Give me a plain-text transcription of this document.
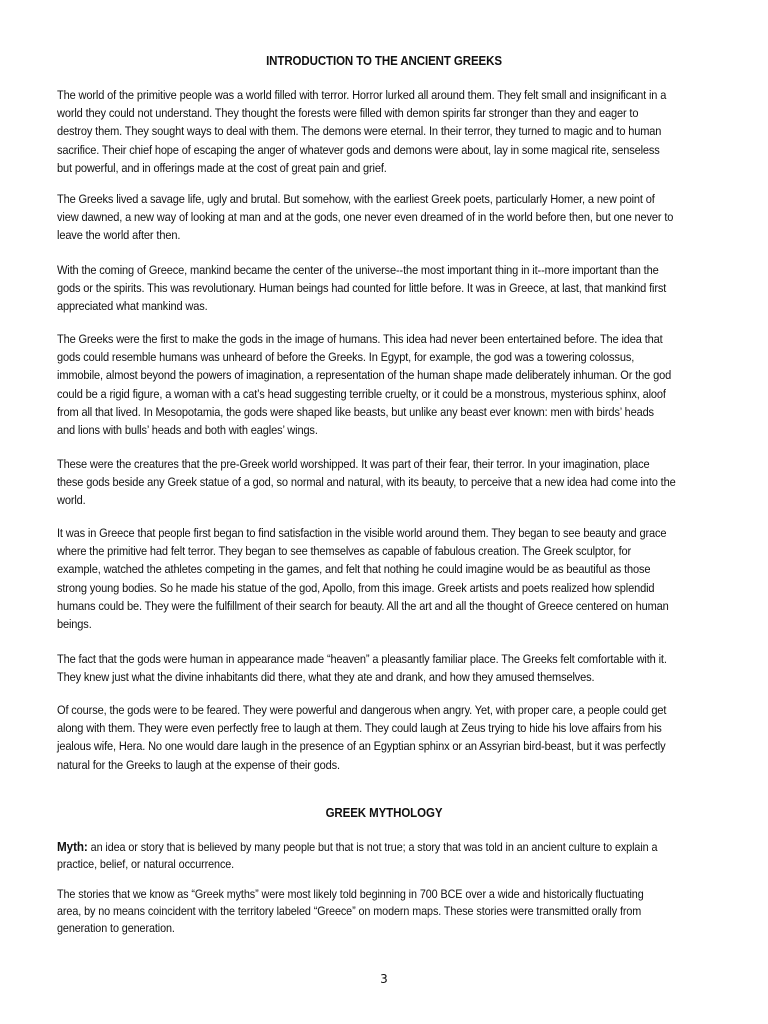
INTRODUCTION TO THE ANCIENT GREEKS
The world of the primitive people was a world filled with terror. Horror lurked all around them. They felt small and insignificant in a
world they could not understand. They thought the forests were filled with demon spirits far stronger than they and eager to
destroy them. They sought ways to deal with them. The demons were eternal. In their terror, they turned to magic and to human
sacrifice. Their chief hope of escaping the anger of whatever gods and demons were about, lay in some magical rite, senseless
but powerful, and in offerings made at the cost of great pain and grief.
The Greeks lived a savage life, ugly and brutal. But somehow, with the earliest Greek poets, particularly Homer, a new point of
view dawned, a new way of looking at man and at the gods, one never even dreamed of in the world before then, but one never to
leave the world after then.
With the coming of Greece, mankind became the center of the universe--the most important thing in it--more important than the
gods or the spirits. This was revolutionary. Human beings had counted for little before. It was in Greece, at last, that mankind first
appreciated what mankind was.
The Greeks were the first to make the gods in the image of humans. This idea had never been entertained before. The idea that
gods could resemble humans was unheard of before the Greeks. In Egypt, for example, the god was a towering colossus,
immobile, almost beyond the powers of imagination, a representation of the human shape made deliberately inhuman. Or the god
could be a rigid figure, a woman with a cat’s head suggesting terrible cruelty, or it could be a monstrous, mysterious sphinx, aloof
from all that lived. In Mesopotamia, the gods were shaped like beasts, but unlike any beast ever known: men with birds’ heads
and lions with bulls’ heads and both with eagles’ wings.
These were the creatures that the pre-Greek world worshipped. It was part of their fear, their terror. In your imagination, place
these gods beside any Greek statue of a god, so normal and natural, with its beauty, to perceive that a new idea had come into the
world.
It was in Greece that people first began to find satisfaction in the visible world around them. They began to see beauty and grace
where the primitive had felt terror. They began to see themselves as capable of fabulous creation. The Greek sculptor, for
example, watched the athletes competing in the games, and felt that nothing he could imagine would be as beautiful as those
strong young bodies. So he made his statue of the god, Apollo, from this image. Greek artists and poets realized how splendid
humans could be. They were the fulfillment of their search for beauty. All the art and all the thought of Greece centered on human
beings.
The fact that the gods were human in appearance made “heaven” a pleasantly familiar place. The Greeks felt comfortable with it.
They knew just what the divine inhabitants did there, what they ate and drank, and how they amused themselves.
Of course, the gods were to be feared. They were powerful and dangerous when angry. Yet, with proper care, a people could get
along with them. They were even perfectly free to laugh at them. They could laugh at Zeus trying to hide his love affairs from his
jealous wife, Hera. No one would dare laugh in the presence of an Egyptian sphinx or an Assyrian bird-beast, but it was perfectly
natural for the Greeks to laugh at the expense of their gods.
GREEK MYTHOLOGY
Myth: an idea or story that is believed by many people but that is not true; a story that was told in an ancient culture to explain a
practice, belief, or natural occurrence.
The stories that we know as “Greek myths” were most likely told beginning in 700 BCE over a wide and historically fluctuating
area, by no means coincident with the territory labeled “Greece” on modern maps. These stories were transmitted orally from
generation to generation.
3
